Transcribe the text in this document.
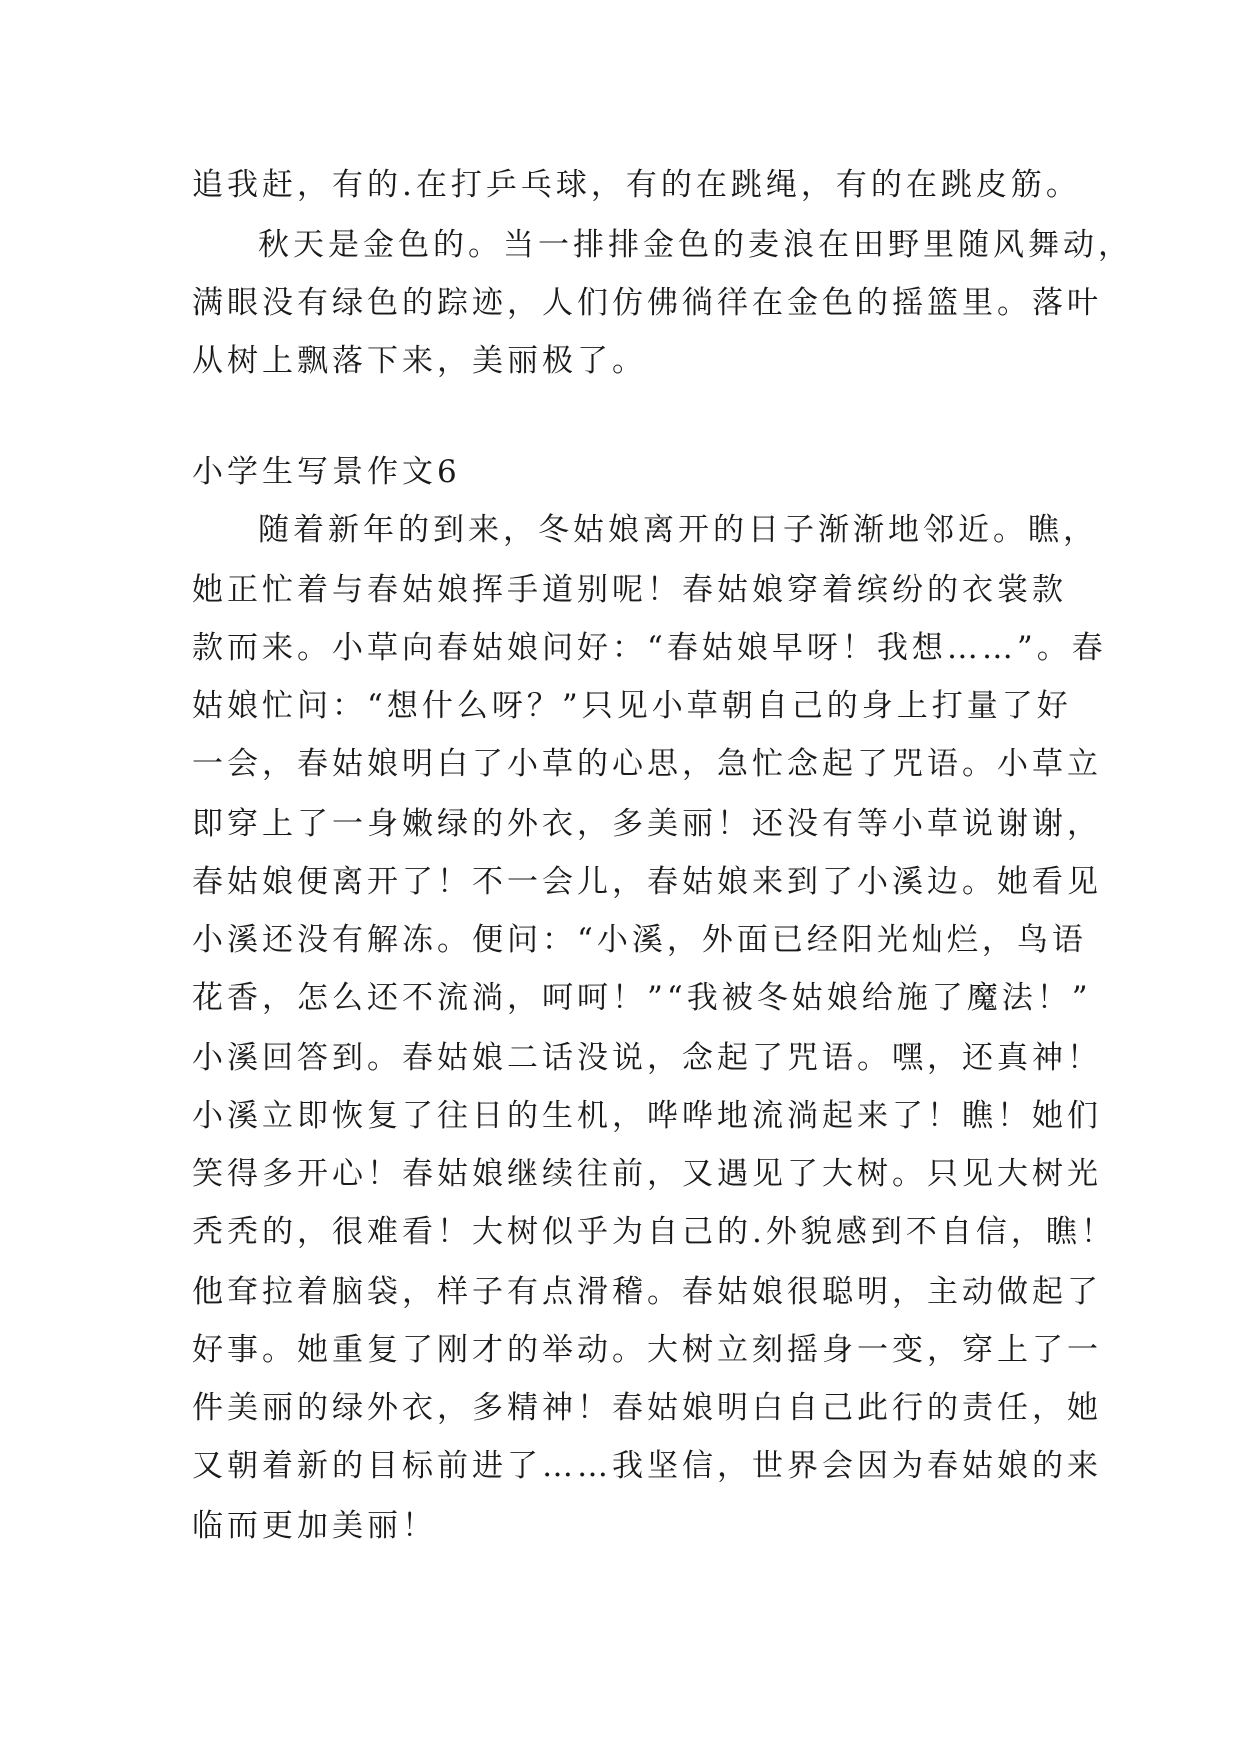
追我赶，有的.在打乒乓球，有的在跳绳，有的在跳皮筋。
秋天是金色的。当一排排金色的麦浪在田野里随风舞动，
满眼没有绿色的踪迹，人们仿佛徜徉在金色的摇篮里。落叶
从树上飘落下来，美丽极了。
小学生写景作文6
随着新年的到来，冬姑娘离开的日子渐渐地邻近。瞧，
她正忙着与春姑娘挥手道别呢！春姑娘穿着缤纷的衣裳款
款而来。小草向春姑娘问好：“春姑娘早呀！我想……”。春
姑娘忙问：“想什么呀？”只见小草朝自己的身上打量了好
一会，春姑娘明白了小草的心思，急忙念起了咒语。小草立
即穿上了一身嫩绿的外衣，多美丽！还没有等小草说谢谢，
春姑娘便离开了！不一会儿，春姑娘来到了小溪边。她看见
小溪还没有解冻。便问：“小溪，外面已经阳光灿烂，鸟语
花香，怎么还不流淌，呵呵！”“我被冬姑娘给施了魔法！”
小溪回答到。春姑娘二话没说，念起了咒语。嘿，还真神！
小溪立即恢复了往日的生机，哗哗地流淌起来了！瞧！她们
笑得多开心！春姑娘继续往前，又遇见了大树。只见大树光
秃秃的，很难看！大树似乎为自己的.外貌感到不自信，瞧！
他耷拉着脑袋，样子有点滑稽。春姑娘很聪明，主动做起了
好事。她重复了刚才的举动。大树立刻摇身一变，穿上了一
件美丽的绿外衣，多精神！春姑娘明白自己此行的责任，她
又朝着新的目标前进了……我坚信，世界会因为春姑娘的来
临而更加美丽！
